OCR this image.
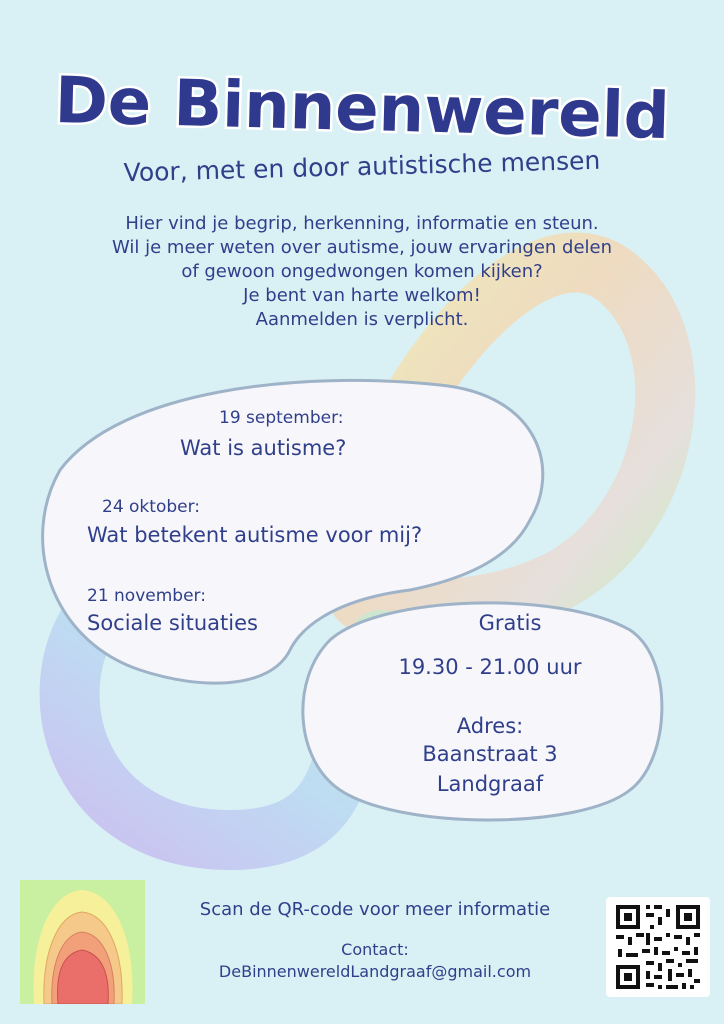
De Binnenwereld
Voor, met en door autistische mensen
Hier vind je begrip, herkenning, informatie en steun.
Wil je meer weten over autisme, jouw ervaringen delen
of gewoon ongedwongen komen kijken?
Je bent van harte welkom!
Aanmelden is verplicht.
19 september:
Wat is autisme?
24 oktober:
Wat betekent autisme voor mij?
21 november:
Sociale situaties	Gratis
19.30 - 21.00 uur
Adres:
Baanstraat 3
Landgraaf
Scan de QR-code voor meer informatie
Contact:
DeBinnenwereldLandgraaf@gmail.com
